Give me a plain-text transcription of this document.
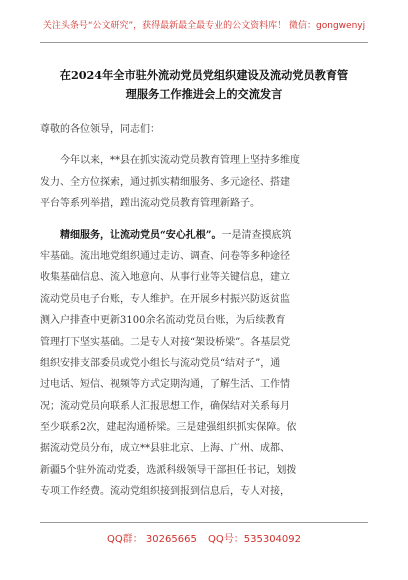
关注头条号“公文研究”，获得最新最全最专业的公文资料库！ 微信：gongwenyj
在2024年全市驻外流动党员党组织建设及流动党员教育管
理服务工作推进会上的交流发言
尊敬的各位领导，同志们：
今年以来，**县在抓实流动党员教育管理上坚持多维度
发力、全方位探索，通过抓实精细服务、多元途径、搭建
平台等系列举措，蹚出流动党员教育管理新路子。
精细服务，让流动党员“安心扎根”。一是清查摸底筑
牢基础。流出地党组织通过走访、调查、问卷等多种途径
收集基础信息、流入地意向、从事行业等关键信息，建立
流动党员电子台账，专人维护。在开展乡村振兴防返贫监
测入户排查中更新3100余名流动党员台账，为后续教育
管理打下坚实基础。二是专人对接“架设桥梁”。各基层党
组织安排支部委员或党小组长与流动党员“结对子”，通
过电话、短信、视频等方式定期沟通，了解生活、工作情
况；流动党员向联系人汇报思想工作，确保结对关系每月
至少联系2次，建起沟通桥梁。三是建强组织抓实保障。依
据流动党员分布，成立**县驻北京、上海、广州、成都、
新疆5个驻外流动党委，选派科级领导干部担任书记，划拨
专项工作经费。流动党组织接到报到信息后，专人对接，
QQ群： 30265665 QQ号：535304092
